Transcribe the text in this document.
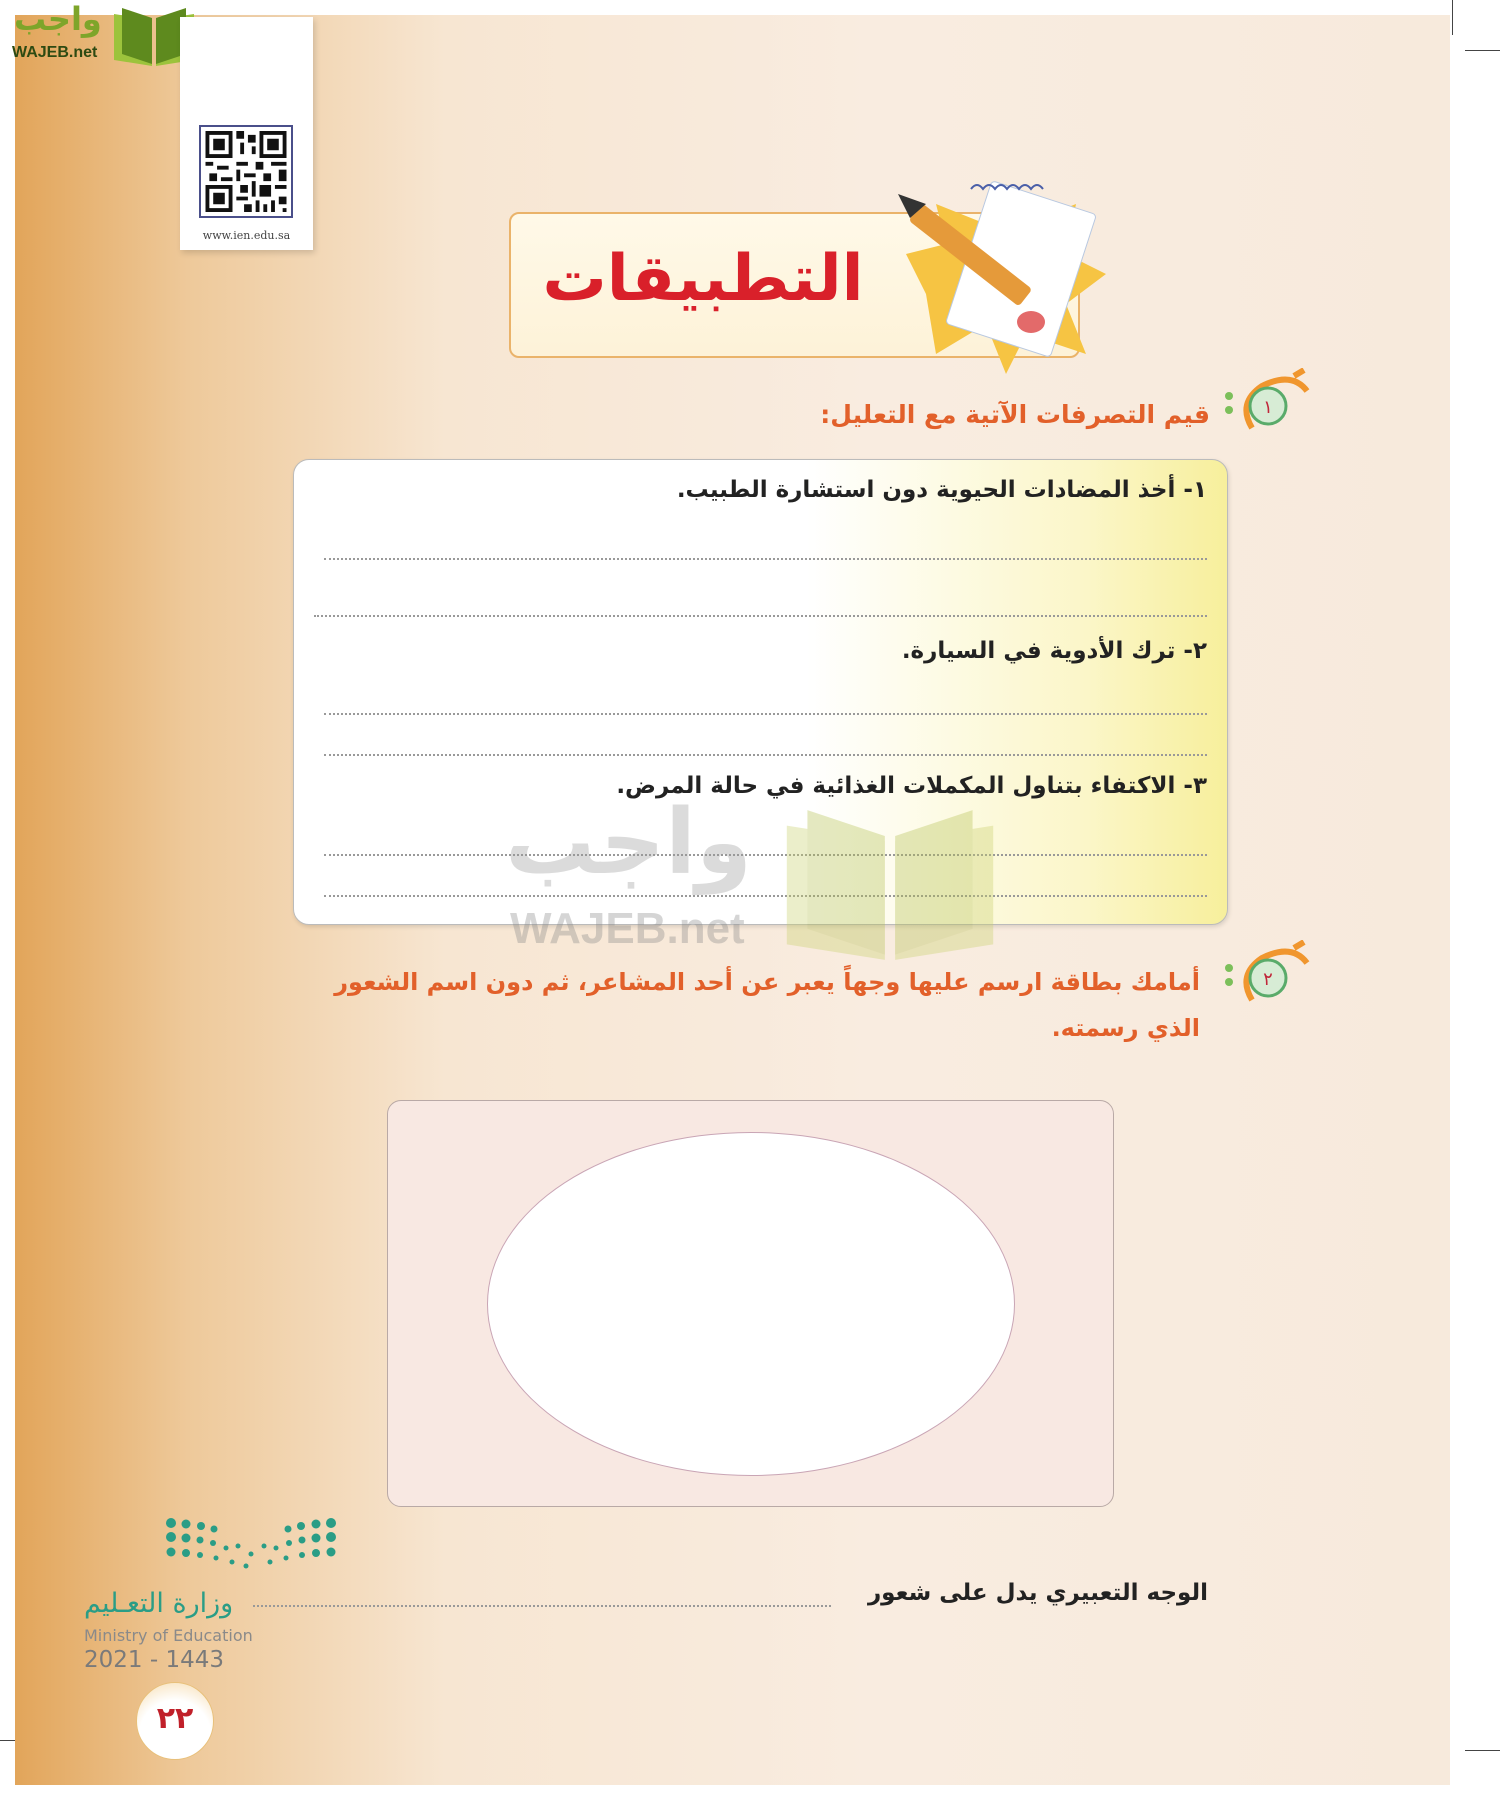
واجب
WAJEB.net
www.ien.edu.sa
التطبيقات
١
قيم التصرفات الآتية مع التعليل:
١- أخذ المضادات الحيوية دون استشارة الطبيب.
٢- ترك الأدوية في السيارة.
٣- الاكتفاء بتناول المكملات الغذائية في حالة المرض.
واجب
WAJEB.net
٢
أمامك بطاقة ارسم عليها وجهاً يعبر عن أحد المشاعر، ثم دون اسم الشعور
الذي رسمته.
الوجه التعبيري يدل على شعور
وزارة التعـليم
Ministry of Education
2021 - 1443
٢٢
